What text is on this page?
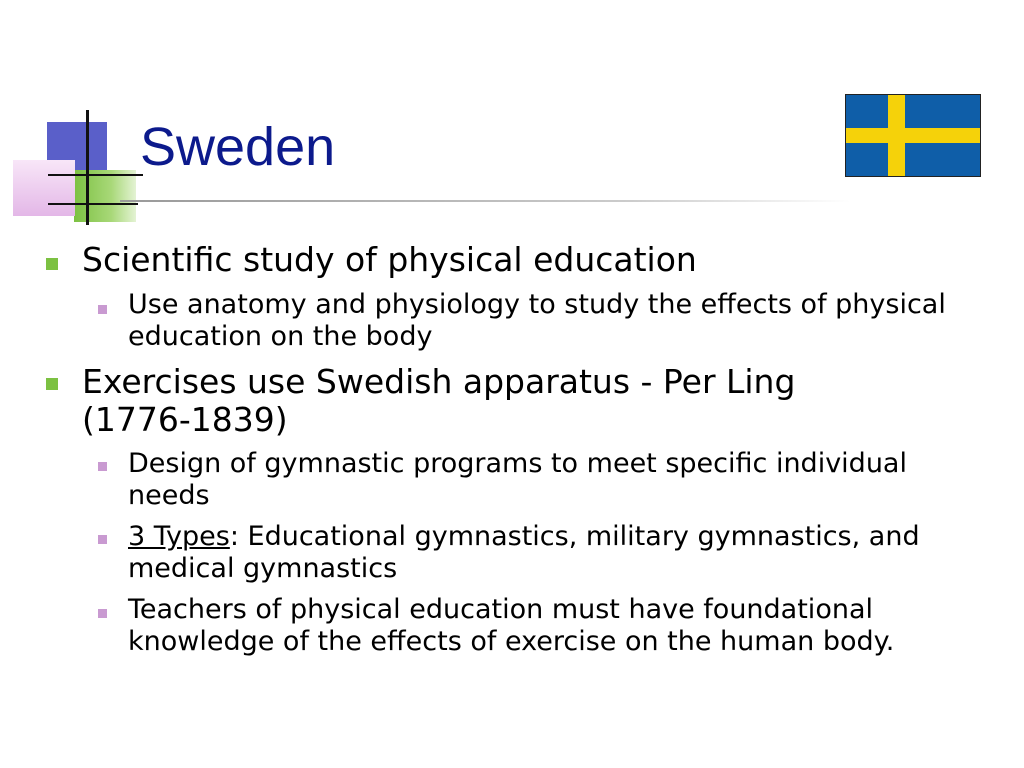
Sweden
Scientific study of physical education
Use anatomy and physiology to study the effects of physical education on the body
Exercises use Swedish apparatus - Per Ling (1776-1839)
Design of gymnastic programs to meet specific individual needs
3 Types: Educational gymnastics, military gymnastics, and medical gymnastics
Teachers of physical education must have foundational knowledge of the effects of exercise on the human body.
